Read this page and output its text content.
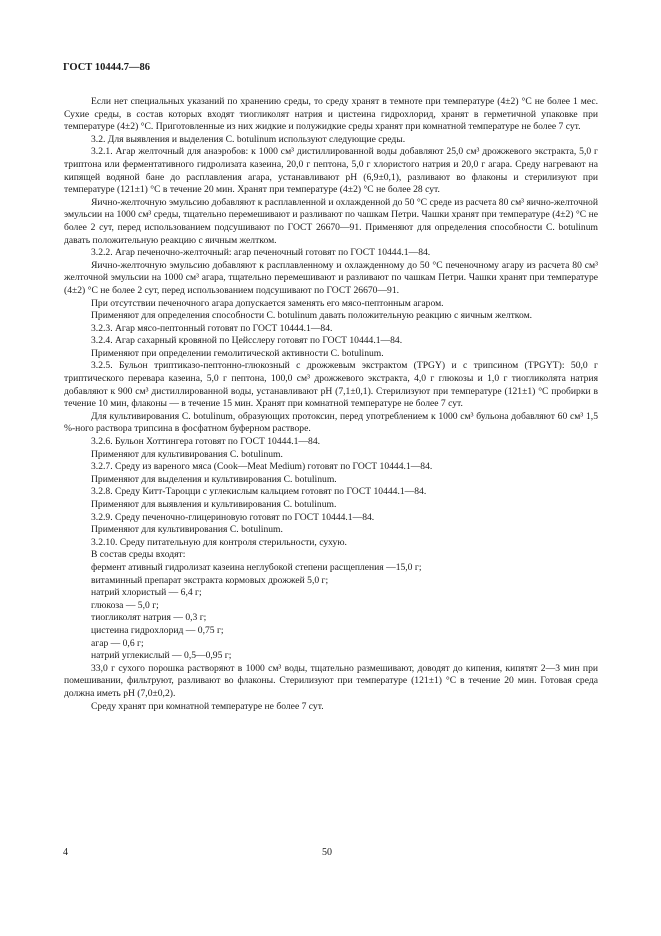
ГОСТ 10444.7—86

Если нет специальных указаний по хранению среды, то среду хранят в темноте при температуре (4±2) °С не более 1 мес. Сухие среды, в состав которых входят тиогликолят натрия и цистеина гидрохлорид, хранят в герметичной упаковке при температуре (4±2) °С. Приготовленные из них жидкие и полужидкие среды хранят при комнатной температуре не более 7 сут.

3.2. Для выявления и выделения C. botulinum используют следующие среды.

3.2.1. Агар желточный для анаэробов: к 1000 см³ дистиллированной воды добавляют 25,0 см³ дрожжевого экстракта, 5,0 г триптона или ферментативного гидролизата казеина, 20,0 г пептона, 5,0 г хлористого натрия и 20,0 г агара. Среду нагревают на кипящей водяной бане до расплавления агара, устанавливают рН (6,9±0,1), разливают во флаконы и стерилизуют при температуре (121±1) °С в течение 20 мин. Хранят при температуре (4±2) °С не более 28 сут.

Яично-желточную эмульсию добавляют к расплавленной и охлажденной до 50 °С среде из расчета 80 см³ яично-желточной эмульсии на 1000 см³ среды, тщательно перемешивают и разливают по чашкам Петри. Чашки хранят при температуре (4±2) °С не более 2 сут, перед использованием подсушивают по ГОСТ 26670—91. Применяют для определения способности C. botulinum давать положительную реакцию с яичным желтком.

3.2.2. Агар печеночно-желточный: агар печеночный готовят по ГОСТ 10444.1—84.

Яично-желточную эмульсию добавляют к расплавленному и охлажденному до 50 °С печеночному агару из расчета 80 см³ желточной эмульсии на 1000 см³ агара, тщательно перемешивают и разливают по чашкам Петри. Чашки хранят при температуре (4±2) °С не более 2 сут, перед использованием подсушивают по ГОСТ 26670—91.

При отсутствии печеночного агара допускается заменять его мясо-пептонным агаром.

Применяют для определения способности C. botulinum давать положительную реакцию с яичным желтком.

3.2.3. Агар мясо-пептонный готовят по ГОСТ 10444.1—84.

3.2.4. Агар сахарный кровяной по Цейсслеру готовят по ГОСТ 10444.1—84.

Применяют при определении гемолитической активности C. botulinum.

3.2.5. Бульон триптиказо-пептонно-глюкозный с дрожжевым экстрактом (ТРGY) и с трипсином (ТРGYТ): 50,0 г триптического перевара казеина, 5,0 г пептона, 100,0 см³ дрожжевого экстракта, 4,0 г глюкозы и 1,0 г тиогликолята натрия добавляют к 900 см³ дистиллированной воды, устанавливают рН (7,1±0,1). Стерилизуют при температуре (121±1) °С пробирки в течение 10 мин, флаконы — в течение 15 мин. Хранят при комнатной температуре не более 7 сут.

Для культивирования C. botulinum, образующих протоксин, перед употреблением к 1000 см³ бульона добавляют 60 см³ 1,5 %-ного раствора трипсина в фосфатном буферном растворе.

3.2.6. Бульон Хоттингера готовят по ГОСТ 10444.1—84.

Применяют для культивирования C. botulinum.

3.2.7. Среду из вареного мяса (Cook—Meat Medium) готовят по ГОСТ 10444.1—84.

Применяют для выделения и культивирования C. botulinum.

3.2.8. Среду Китт-Тароцци с углекислым кальцием готовят по ГОСТ 10444.1—84.

Применяют для выявления и культивирования C. botulinum.

3.2.9. Среду печеночно-глицериновую готовят по ГОСТ 10444.1—84.

Применяют для культивирования C. botulinum.

3.2.10. Среду питательную для контроля стерильности, сухую.

В состав среды входят:

фермент ативный гидролизат казеина неглубокой степени расщепления —15,0 г;

витаминный препарат экстракта кормовых дрожжей 5,0 г;

натрий хлористый — 6,4 г;

глюкоза — 5,0 г;

тиогликолят натрия — 0,3 г;

цистеина гидрохлорид — 0,75 г;

агар — 0,6 г;

натрий углекислый — 0,5—0,95 г;

33,0 г сухого порошка растворяют в 1000 см³ воды, тщательно размешивают, доводят до кипения, кипятят 2—3 мин при помешивании, фильтруют, разливают во флаконы. Стерилизуют при температуре (121±1) °С в течение 20 мин. Готовая среда должна иметь рН (7,0±0,2).

Среду хранят при комнатной температуре не более 7 сут.

4	50
